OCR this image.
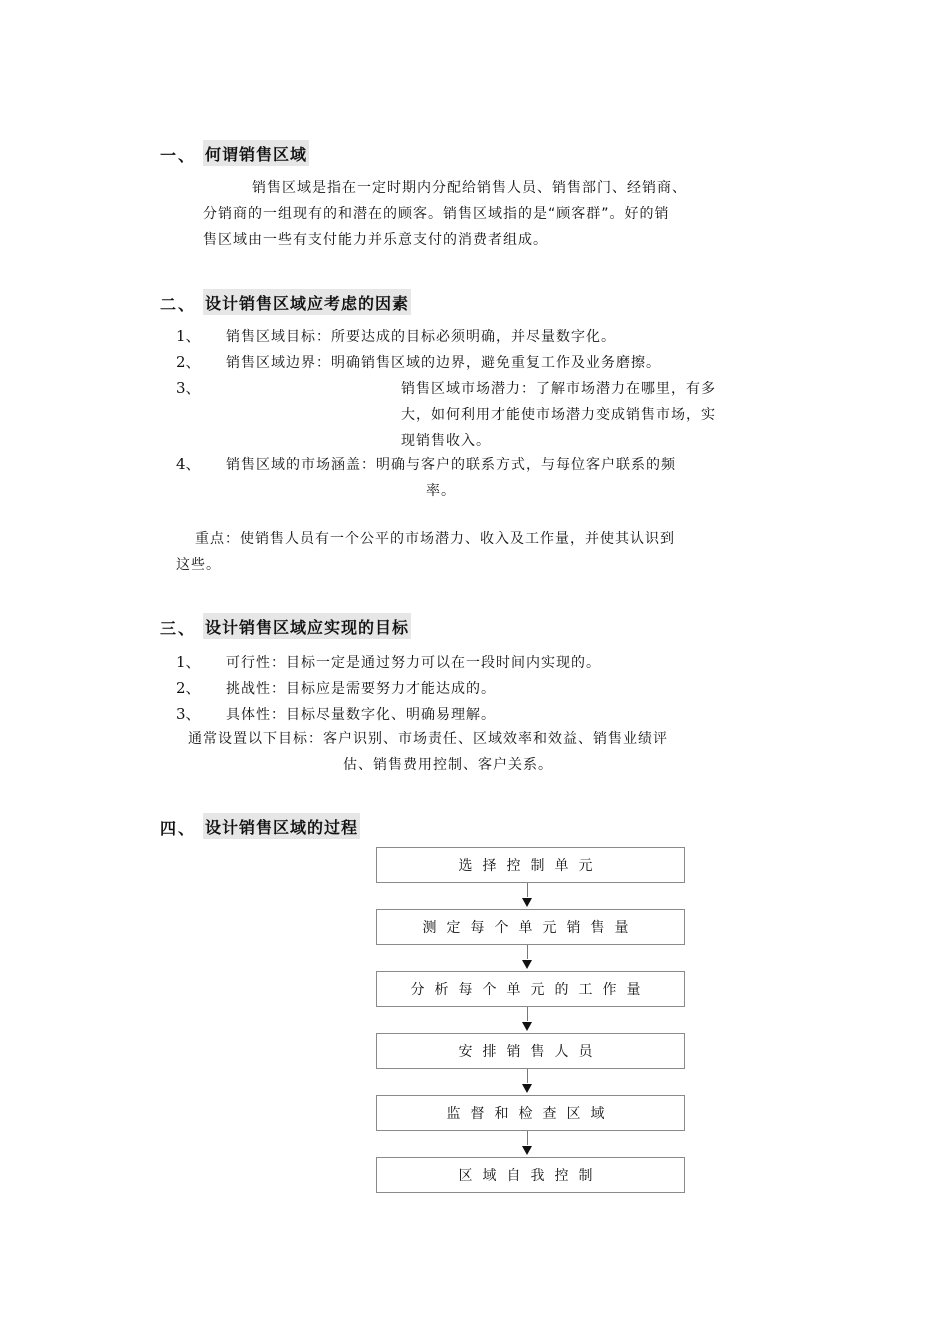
一、 何谓销售区域
销售区域是指在一定时期内分配给销售人员、销售部门、经销商、
分销商的一组现有的和潜在的顾客。销售区域指的是“顾客群”。好的销
售区域由一些有支付能力并乐意支付的消费者组成。
二、 设计销售区域应考虑的因素
1、 销售区域目标：所要达成的目标必须明确，并尽量数字化。
2、 销售区域边界：明确销售区域的边界，避免重复工作及业务磨擦。
3、	销售区域市场潜力：了解市场潜力在哪里，有多
大，如何利用才能使市场潜力变成销售市场，实
现销售收入。
4、 销售区域的市场涵盖：明确与客户的联系方式，与每位客户联系的频
率。
重点：使销售人员有一个公平的市场潜力、收入及工作量，并使其认识到
这些。
三、 设计销售区域应实现的目标
1、 可行性：目标一定是通过努力可以在一段时间内实现的。
2、 挑战性：目标应是需要努力才能达成的。
3、 具体性：目标尽量数字化、明确易理解。
通常设置以下目标：客户识别、市场责任、区域效率和效益、销售业绩评
估、销售费用控制、客户关系。
四、 设计销售区域的过程
选择控制单元
测定每个单元销售量
分析每个单元的工作量
安排销售人员
监督和检查区域
区域自我控制
